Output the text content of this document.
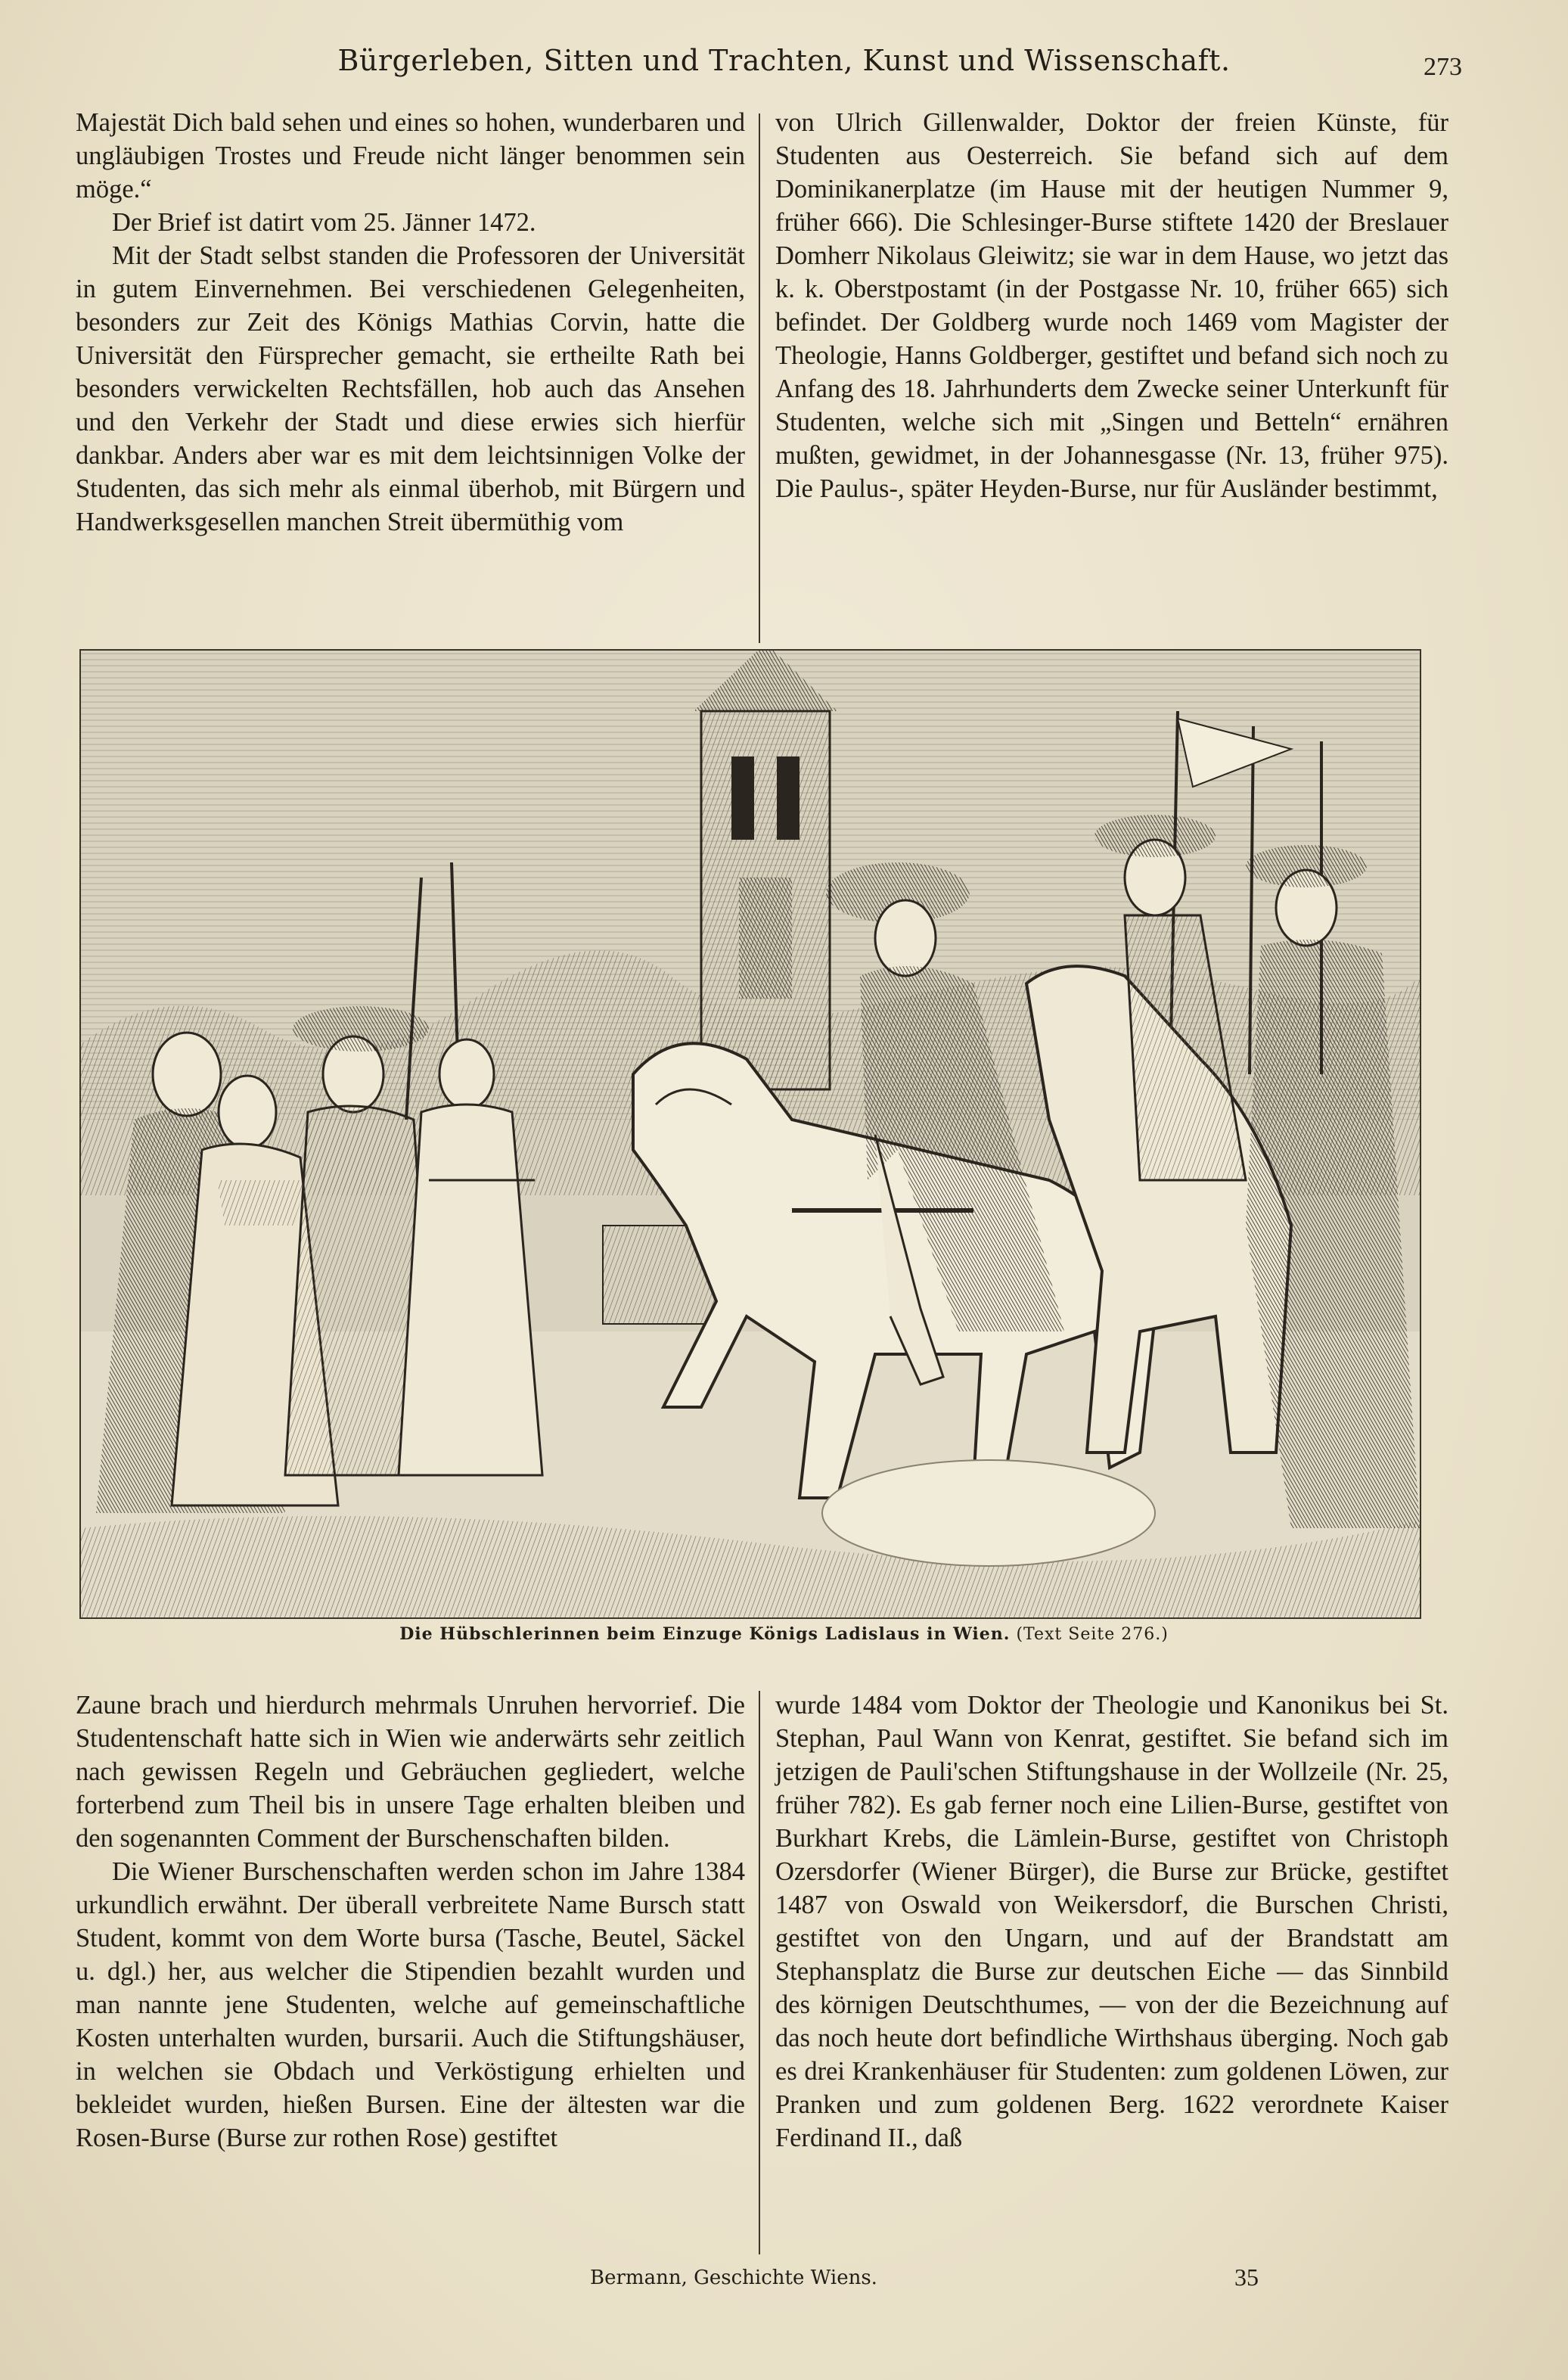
Bürgerleben, Sitten und Trachten, Kunst und Wissenschaft.	273

Majestät Dich bald sehen und eines so hohen, wunderbaren und ungläubigen Trostes und Freude nicht länger benommen sein möge.“

Der Brief ist datirt vom 25. Jänner 1472.

Mit der Stadt selbst standen die Professoren der Universität in gutem Einvernehmen. Bei verschiedenen Gelegenheiten, besonders zur Zeit des Königs Mathias Corvin, hatte die Universität den Fürsprecher gemacht, sie ertheilte Rath bei besonders verwickelten Rechtsfällen, hob auch das Ansehen und den Verkehr der Stadt und diese erwies sich hierfür dankbar. Anders aber war es mit dem leichtsinnigen Volke der Studenten, das sich mehr als einmal überhob, mit Bürgern und Handwerksgesellen manchen Streit übermüthig vom

von Ulrich Gillenwalder, Doktor der freien Künste, für Studenten aus Oesterreich. Sie befand sich auf dem Dominikanerplatze (im Hause mit der heutigen Nummer 9, früher 666). Die Schlesinger-Burse stiftete 1420 der Breslauer Domherr Nikolaus Gleiwitz; sie war in dem Hause, wo jetzt das k. k. Oberstpostamt (in der Postgasse Nr. 10, früher 665) sich befindet. Der Goldberg wurde noch 1469 vom Magister der Theologie, Hanns Goldberger, gestiftet und befand sich noch zu Anfang des 18. Jahrhunderts dem Zwecke seiner Unterkunft für Studenten, welche sich mit „Singen und Betteln“ ernähren mußten, gewidmet, in der Johannesgasse (Nr. 13, früher 975). Die Paulus-, später Heyden-Burse, nur für Ausländer bestimmt,

Die Hübschlerinnen beim Einzuge Königs Ladislaus in Wien. (Text Seite 276.)

Zaune brach und hierdurch mehrmals Unruhen hervorrief. Die Studentenschaft hatte sich in Wien wie anderwärts sehr zeitlich nach gewissen Regeln und Gebräuchen gegliedert, welche forterbend zum Theil bis in unsere Tage erhalten bleiben und den sogenannten Comment der Burschenschaften bilden.

Die Wiener Burschenschaften werden schon im Jahre 1384 urkundlich erwähnt. Der überall verbreitete Name Bursch statt Student, kommt von dem Worte bursa (Tasche, Beutel, Säckel u. dgl.) her, aus welcher die Stipendien bezahlt wurden und man nannte jene Studenten, welche auf gemeinschaftliche Kosten unterhalten wurden, bursarii. Auch die Stiftungshäuser, in welchen sie Obdach und Verköstigung erhielten und bekleidet wurden, hießen Bursen. Eine der ältesten war die Rosen-Burse (Burse zur rothen Rose) gestiftet

wurde 1484 vom Doktor der Theologie und Kanonikus bei St. Stephan, Paul Wann von Kenrat, gestiftet. Sie befand sich im jetzigen de Pauli'schen Stiftungshause in der Wollzeile (Nr. 25, früher 782). Es gab ferner noch eine Lilien-Burse, gestiftet von Burkhart Krebs, die Lämlein-Burse, gestiftet von Christoph Ozersdorfer (Wiener Bürger), die Burse zur Brücke, gestiftet 1487 von Oswald von Weikersdorf, die Burschen Christi, gestiftet von den Ungarn, und auf der Brandstatt am Stephansplatz die Burse zur deutschen Eiche — das Sinnbild des körnigen Deutschthumes, — von der die Bezeichnung auf das noch heute dort befindliche Wirthshaus überging. Noch gab es drei Krankenhäuser für Studenten: zum goldenen Löwen, zur Pranken und zum goldenen Berg. 1622 verordnete Kaiser Ferdinand II., daß

Bermann, Geschichte Wiens.	35
